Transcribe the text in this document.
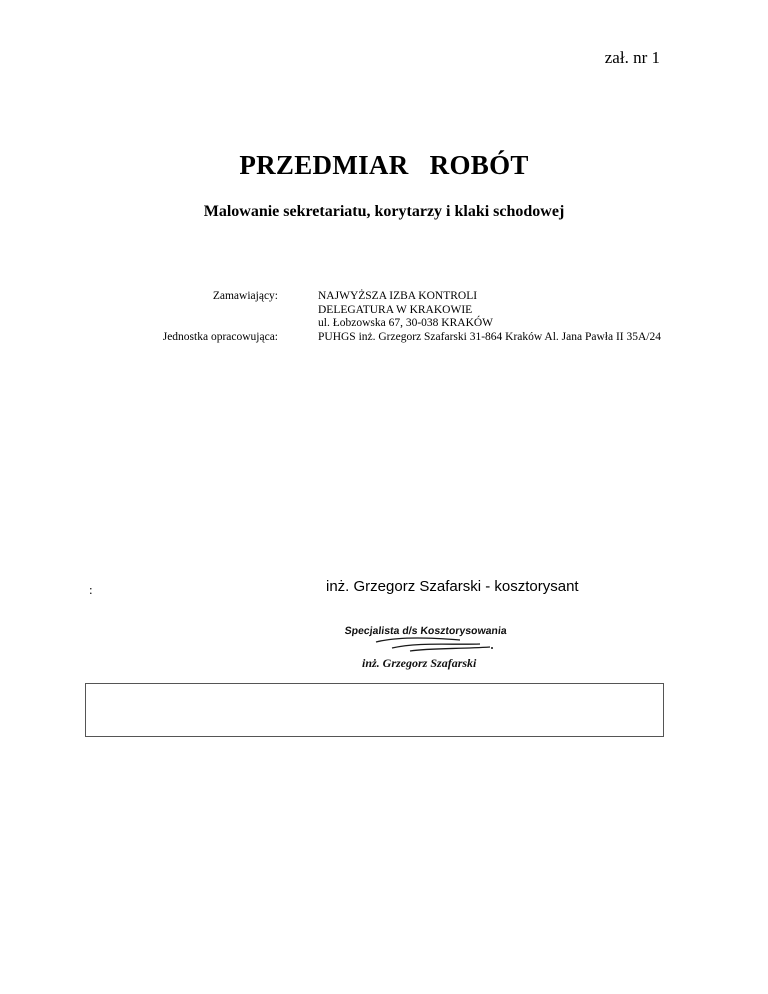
zał. nr 1
PRZEDMIAR   ROBÓT
Malowanie sekretariatu, korytarzy i klaki schodowej
Zamawiający:
Jednostka opracowująca:
NAJWYŻSZA IZBA KONTROLI
DELEGATURA W KRAKOWIE
ul. Łobzowska 67, 30-038 KRAKÓW
PUHGS inż. Grzegorz Szafarski 31-864 Kraków Al. Jana Pawła II 35A/24
:	inż. Grzegorz Szafarski - kosztorysant
Specjalista d/s Kosztorysowania
inż. Grzegorz Szafarski
